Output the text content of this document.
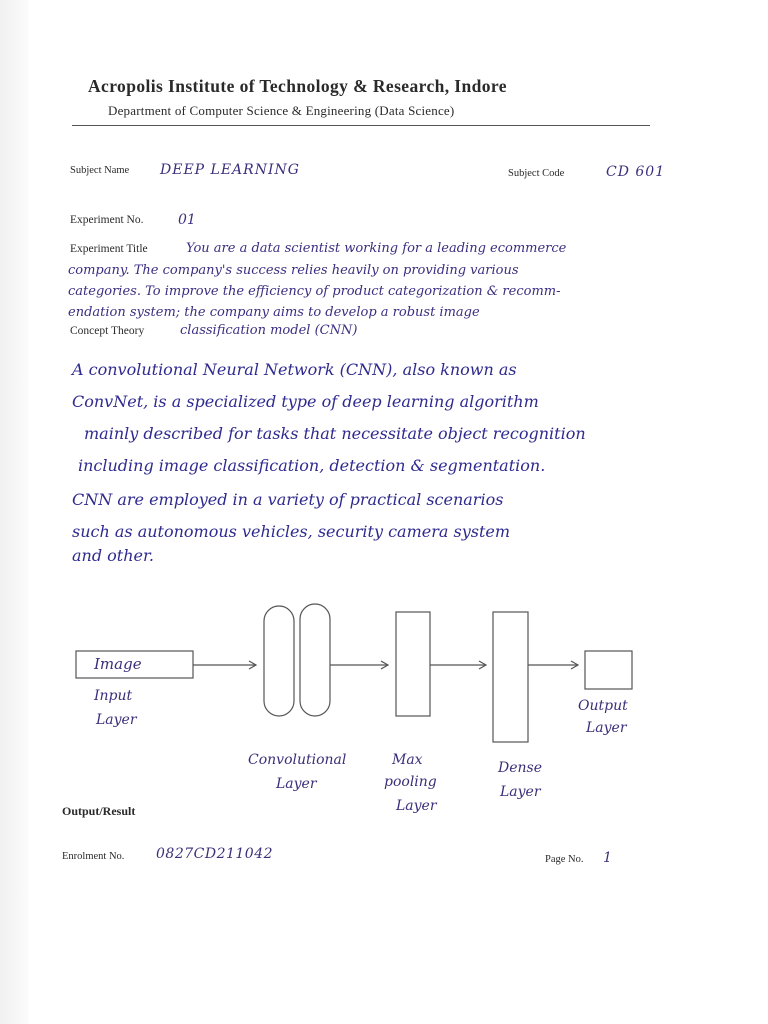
Acropolis Institute of Technology & Research, Indore
Department of Computer Science & Engineering (Data Science)
Subject Name DEEP LEARNING	Subject Code	CD 601
Experiment No. 01
Experiment Title	You are a data scientist working for a leading ecommerce
company. The company's success relies heavily on providing various
categories. To improve the efficiency of product categorization & recomm-
endation system; the company aims to develop a robust image
Concept Theory	classification model (CNN)
A convolutional Neural Network (CNN), also known as
ConvNet, is a specialized type of deep learning algorithm
mainly described for tasks that necessitate object recognition
including image classification, detection & segmentation.
CNN are employed in a variety of practical scenarios
such as autonomous vehicles, security camera system
and other.
Image
Input
Layer
Convolutional
Layer
Max
pooling
Layer
Dense
Layer
Output
Layer
Output/Result
Enrolment No. 0827CD211042	Page No. 1
